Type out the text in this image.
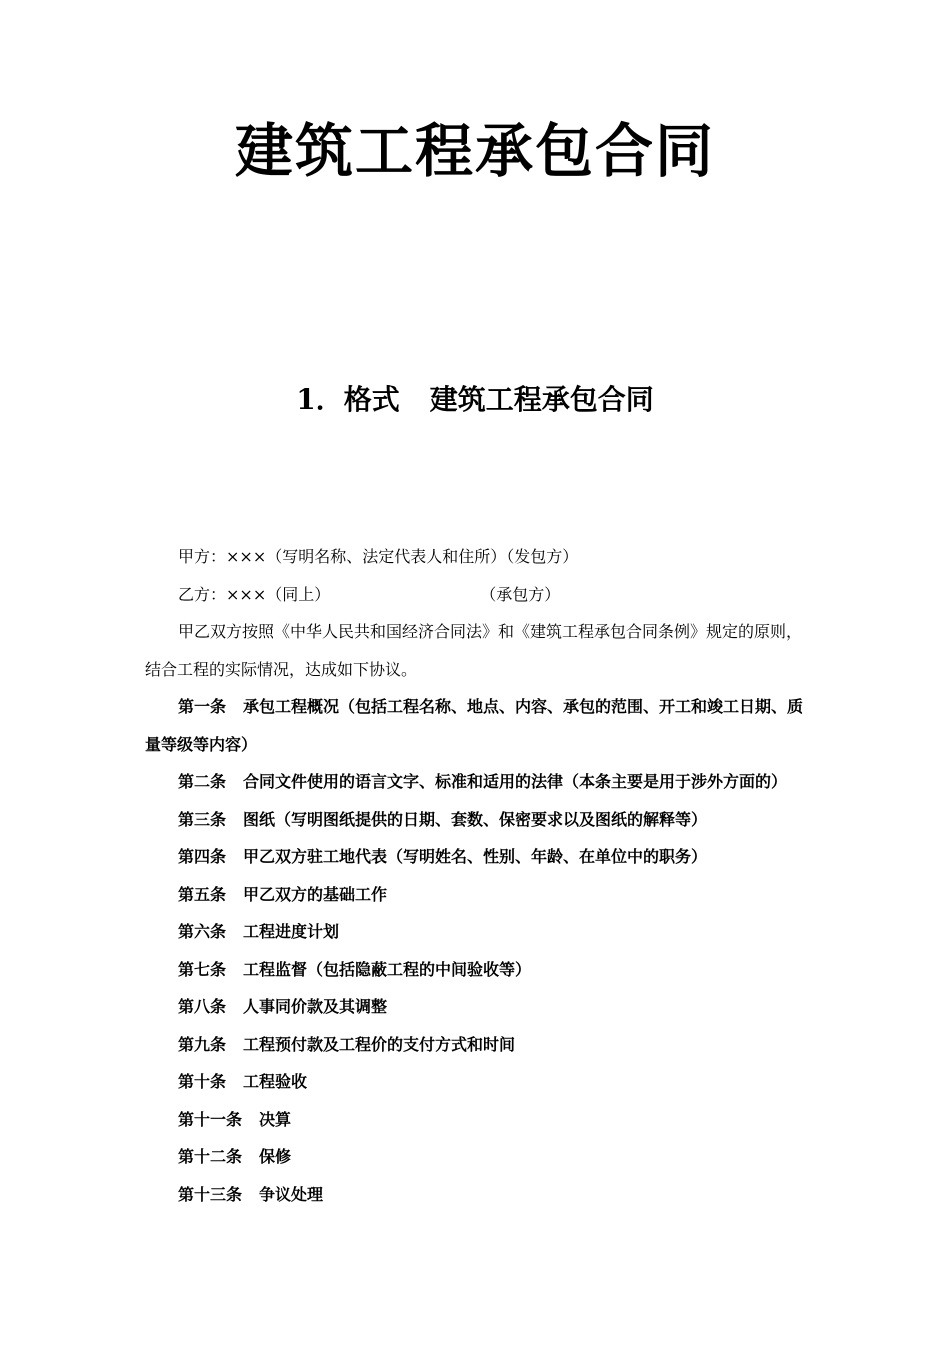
建筑工程承包合同
1．格式 建筑工程承包合同

甲方：×××（写明名称、法定代表人和住所）（发包方）

乙方：×××（同上）	（承包方）

甲乙双方按照《中华人民共和国经济合同法》和《建筑工程承包合同条例》规定的原则，结合工程的实际情况，达成如下协议。

第一条 承包工程概况（包括工程名称、地点、内容、承包的范围、开工和竣工日期、质量等级等内容）

第二条 合同文件使用的语言文字、标准和适用的法律（本条主要是用于涉外方面的）

第三条 图纸（写明图纸提供的日期、套数、保密要求以及图纸的解释等）

第四条 甲乙双方驻工地代表（写明姓名、性别、年龄、在单位中的职务）

第五条 甲乙双方的基础工作

第六条 工程进度计划

第七条 工程监督（包括隐蔽工程的中间验收等）

第八条 人事同价款及其调整

第九条 工程预付款及工程价的支付方式和时间

第十条 工程验收

第十一条 决算

第十二条 保修

第十三条 争议处理
